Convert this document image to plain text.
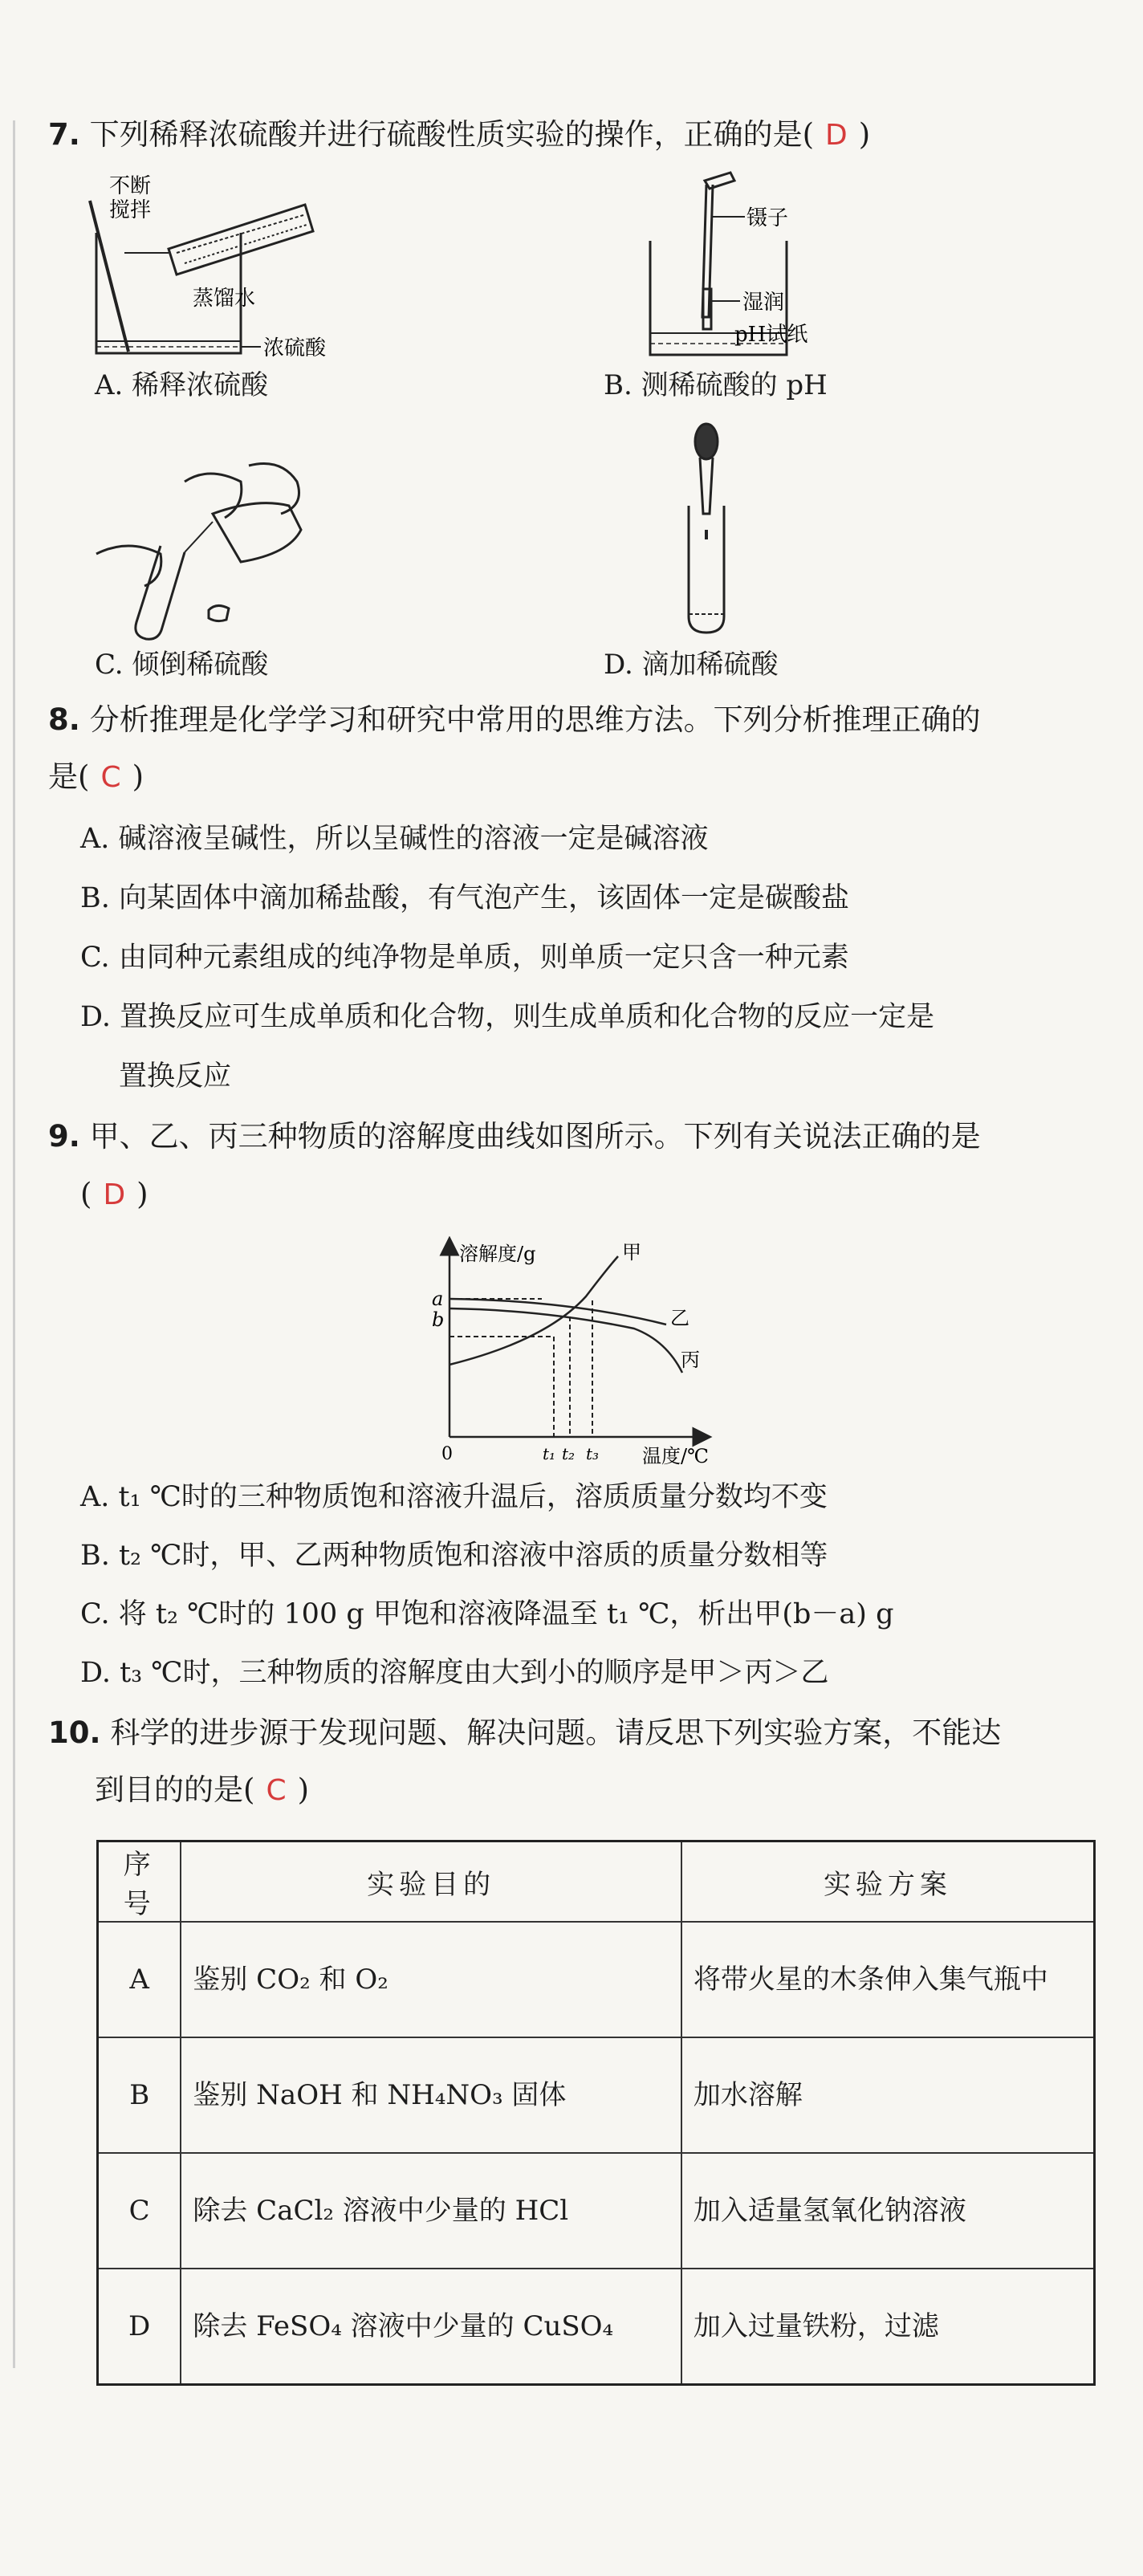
7. 下列稀释浓硫酸并进行硫酸性质实验的操作，正确的是( D )
不断
搅拌
蒸馏水
浓硫酸
镊子
湿润
pH试纸
A. 稀释浓硫酸	B. 测稀硫酸的 pH
C. 倾倒稀硫酸	D. 滴加稀硫酸
8. 分析推理是化学学习和研究中常用的思维方法。下列分析推理正确的
是( C )
A. 碱溶液呈碱性，所以呈碱性的溶液一定是碱溶液
B. 向某固体中滴加稀盐酸，有气泡产生，该固体一定是碳酸盐
C. 由同种元素组成的纯净物是单质，则单质一定只含一种元素
D. 置换反应可生成单质和化合物，则生成单质和化合物的反应一定是
置换反应
9. 甲、乙、丙三种物质的溶解度曲线如图所示。下列有关说法正确的是
( D )
溶解度/g
温度/℃
0
a
b
t₁ t₂ t₃
甲
乙
丙
A. t₁ ℃时的三种物质饱和溶液升温后，溶质质量分数均不变
B. t₂ ℃时，甲、乙两种物质饱和溶液中溶质的质量分数相等
C. 将 t₂ ℃时的 100 g 甲饱和溶液降温至 t₁ ℃，析出甲(b－a) g
D. t₃ ℃时，三种物质的溶解度由大到小的顺序是甲＞丙＞乙
10. 科学的进步源于发现问题、解决问题。请反思下列实验方案，不能达
到目的的是( C )
序号	实验目的	实验方案
A	鉴别 CO₂ 和 O₂	将带火星的木条伸入集气瓶中
B	鉴别 NaOH 和 NH₄NO₃ 固体	加水溶解
C	除去 CaCl₂ 溶液中少量的 HCl	加入适量氢氧化钠溶液
D	除去 FeSO₄ 溶液中少量的 CuSO₄	加入过量铁粉，过滤
